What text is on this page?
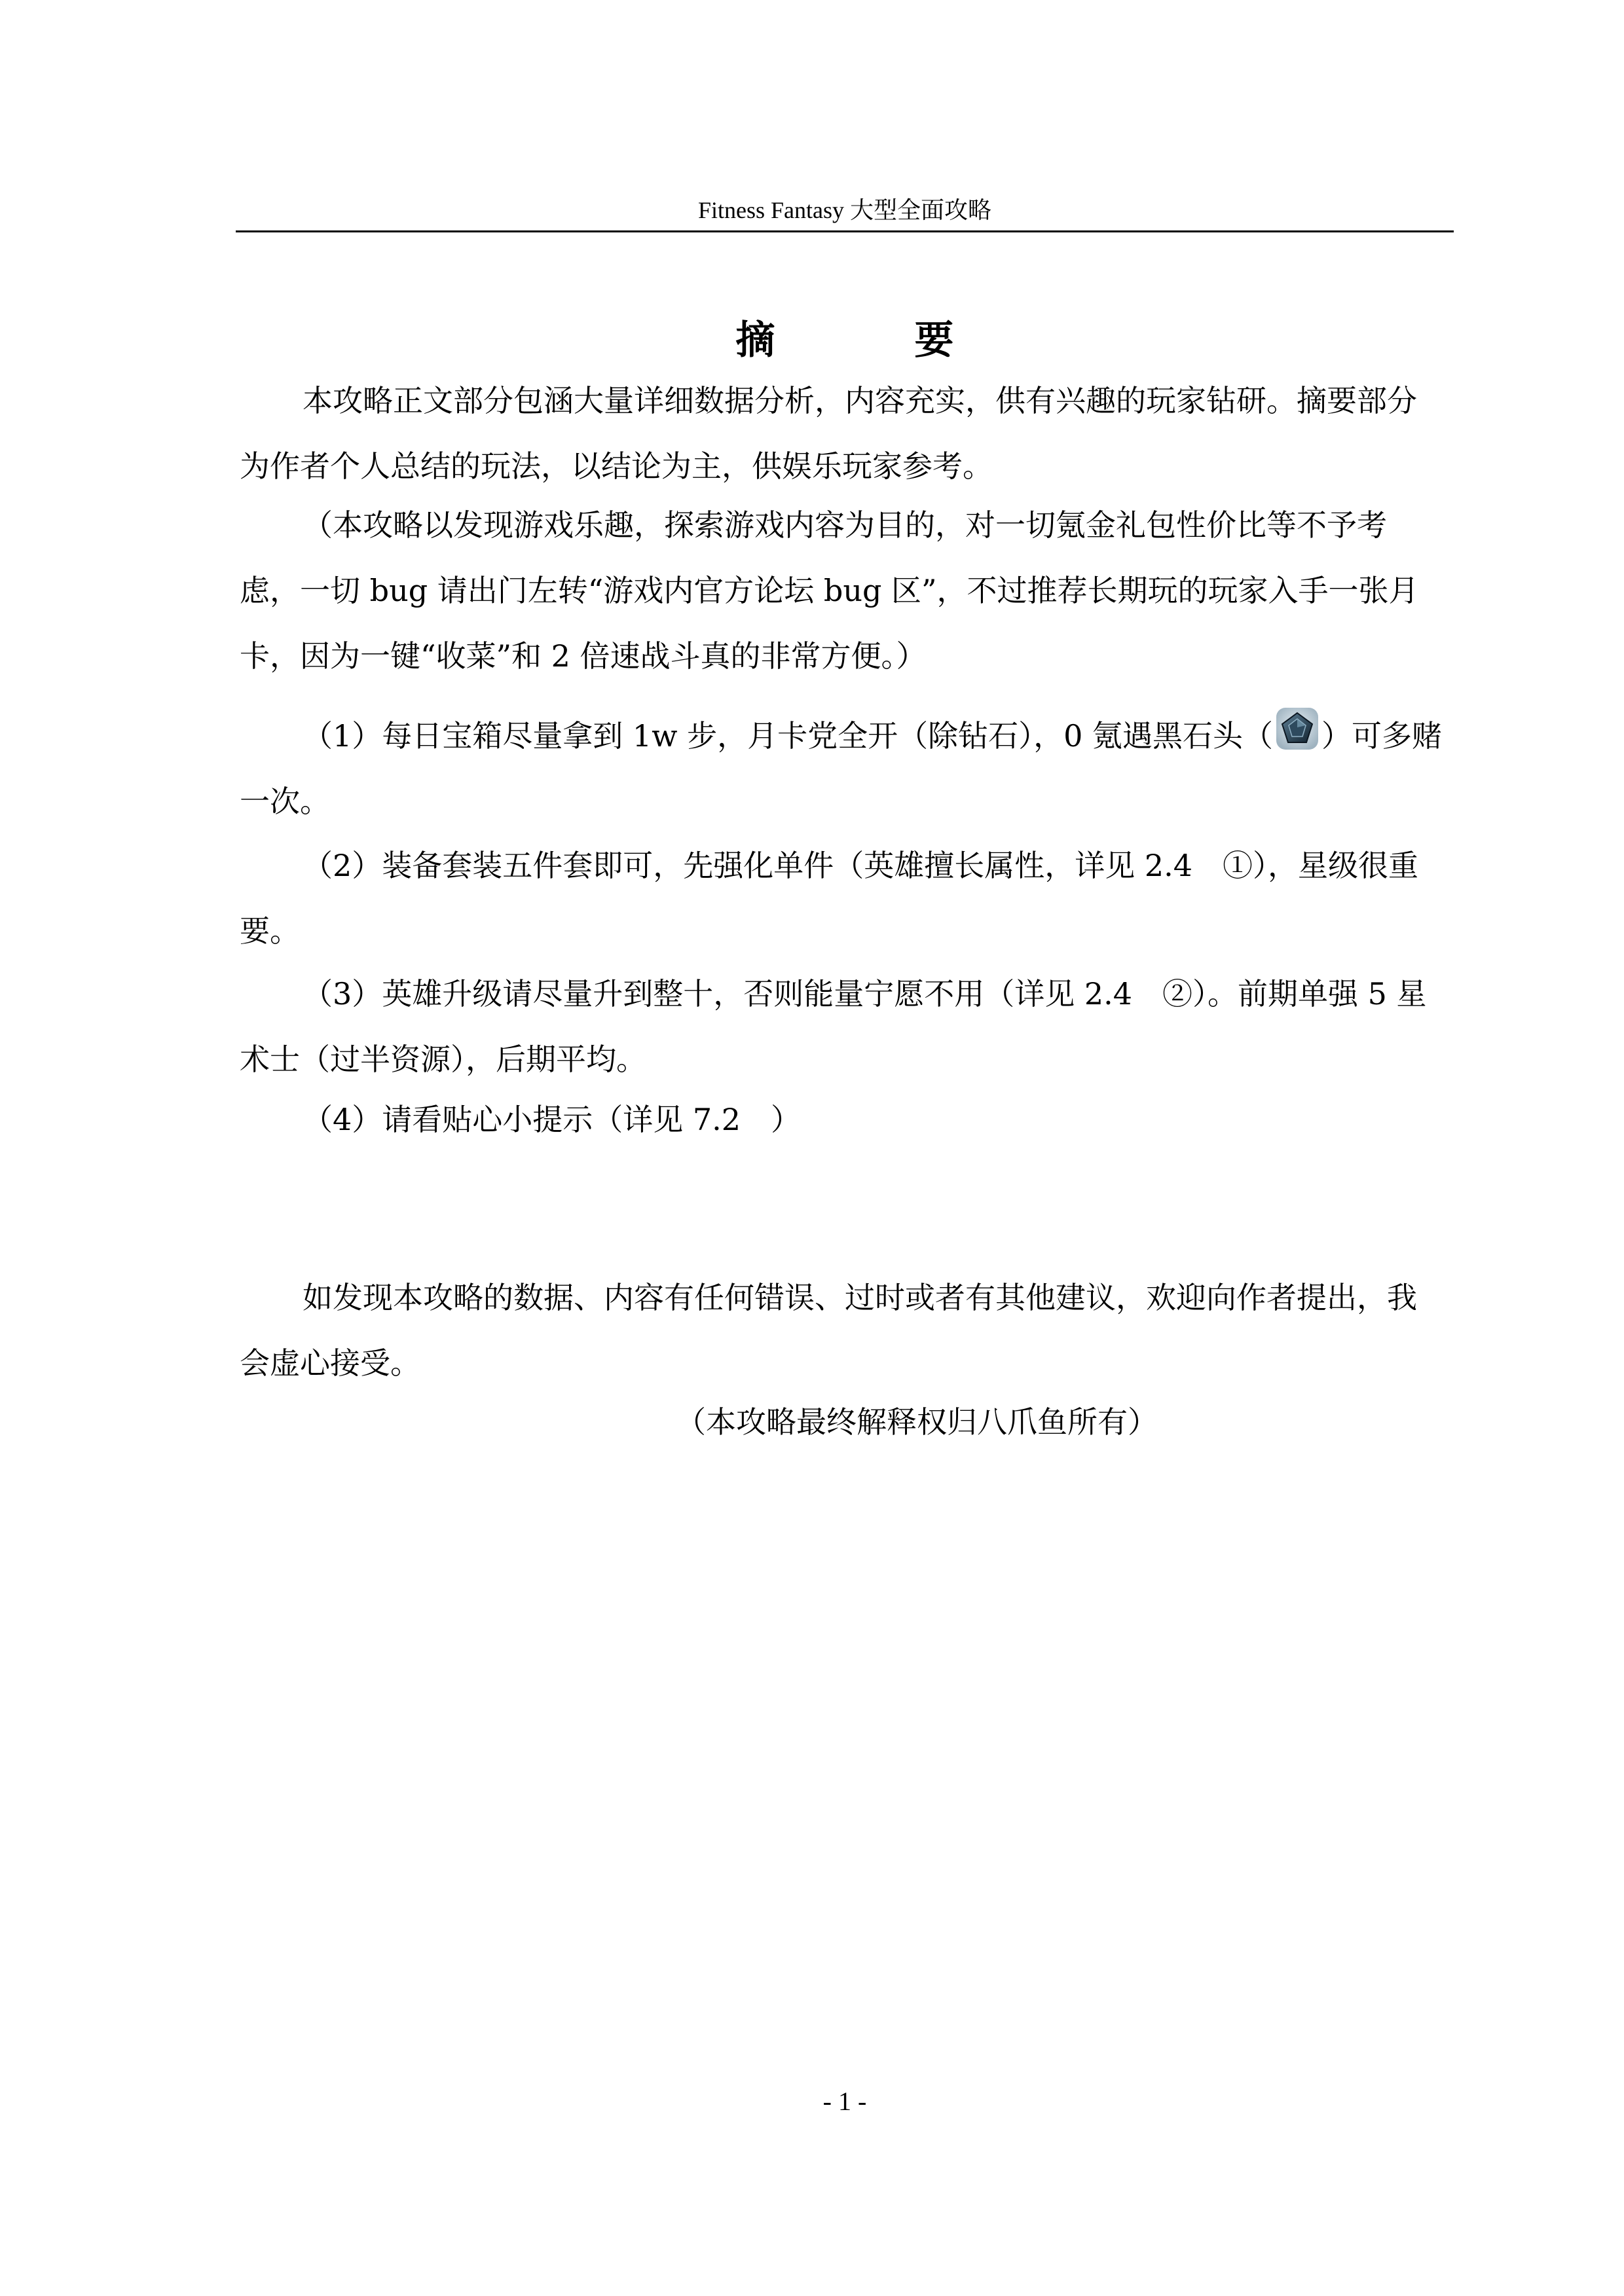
Fitness Fantasy 大型全面攻略
摘 要

本攻略正文部分包涵大量详细数据分析，内容充实，供有兴趣的玩家钻研。摘要部分为作者个人总结的玩法，以结论为主，供娱乐玩家参考。

（本攻略以发现游戏乐趣，探索游戏内容为目的，对一切氪金礼包性价比等不予考虑，一切 bug 请出门左转“游戏内官方论坛 bug 区”，不过推荐长期玩的玩家入手一张月卡，因为一键“收菜”和 2 倍速战斗真的非常方便。）

（1）每日宝箱尽量拿到 1w 步，月卡党全开（除钻石），0 氪遇黑石头（ ）可多赌一次。

（2）装备套装五件套即可，先强化单件（英雄擅长属性，详见 2.4　①），星级很重要。

（3）英雄升级请尽量升到整十，否则能量宁愿不用（详见 2.4　②）。前期单强 5 星术士（过半资源），后期平均。

（4）请看贴心小提示（详见 7.2　）

如发现本攻略的数据、内容有任何错误、过时或者有其他建议，欢迎向作者提出，我会虚心接受。

（本攻略最终解释权归八爪鱼所有）
- 1 -
